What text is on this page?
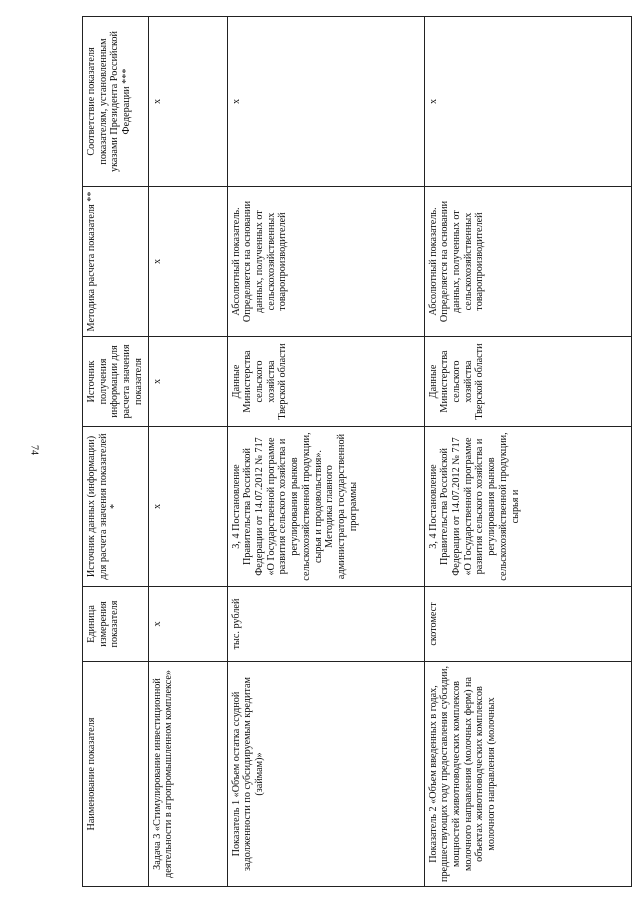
74
Наименование показателя	Единица измерения показателя	Источник данных (информации) для расчета значения показателей *	Источник получения информации для расчета значения показателя	Методика расчета показателя **	Соответствие показателя показателям, установленным указами Президента Российской Федерации ***
Задача 3 «Стимулирование инвестиционной деятельности в агропромышленном комплексе»	x	x	x	x	x
Показатель 1 «Объем остатка ссудной задолженности по субсидируемым кредитам (займам)»	тыс. рублей	3, 4 Постановление Правительства Российской Федерации от 14.07.2012 № 717 «О Государственной программе развития сельского хозяйства и регулирования рынков сельскохозяйственной продукции, сырья и продовольствия». Методика главного администратора государственной программы	Данные Министерства сельского хозяйства Тверской области	Абсолютный показатель. Определяется на основании данных, полученных от сельскохозяйственных товаропроизводителей	x
Показатель 2 «Объем введенных в годах, предшествующих году предоставления субсидии, мощностей животноводческих комплексов молочного направления (молочных ферм) на объектах животноводческих комплексов молочного направления (молочных	скотомест	3, 4 Постановление Правительства Российской Федерации от 14.07.2012 № 717 «О Государственной программе развития сельского хозяйства и регулирования рынков сельскохозяйственной продукции, сырья и	Данные Министерства сельского хозяйства Тверской области	Абсолютный показатель. Определяется на основании данных, полученных от сельскохозяйственных товаропроизводителей	x
